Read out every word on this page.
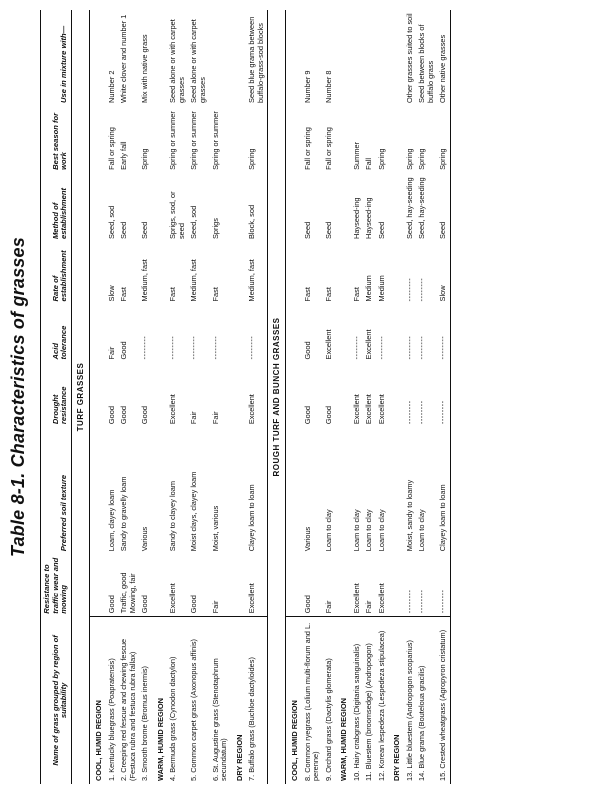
Table 8-1. Characteristics of grasses
Name of grass grouped by region of suitability	Resistance to traffic wear and mowing	Preferred soil texture	Drought resistance	Acid tolerance	Rate of establishment	Method of establishment	Best season for work	Use in mixture with—
TURF GRASSES								
COOL, HUMID REGION								
1. Kentucky bluegrass (Poapratensis)	Good	Loam, clayey loam	Good	Fair	Slow	Seed, sod	Fall or spring	Number 2
2. Creeping red fescue and chewing fescue (Festuca rubra and festuca rubra fallax)	Traffic, good Mowing, fair	Sandy to gravelly loam	Good	Good	Fast	Seed	Early fall	White clover and number 1
3. Smooth brome (Bromus inermis)	Good	Various	Good	--------	Medium, fast	Seed	Spring	Mix with native grass
WARM, HUMID REGION								
4. Bermuda grass (Cynodon dactylon)	Excellent	Sandy to clayey loam	Excellent	--------	Fast	Sprigs, sod, or seed	Spring or summer	Seed alone or with carpet grasses
5. Common carpet grass (Axonopus affinis)	Good	Moist clays, clayey loam	Fair	--------	Medium, fast	Seed, sod	Spring or summer	Seed alone or with carpet grasses
6. St. Augustine grass (Stenotaphrum secundatum)	Fair	Moist, various	Fair	--------	Fast	Sprigs	Spring or summer	
DRY REGION								
7. Buffalo grass (Buchloe dactyloides)	Excellent	Clayey loam to loam	Excellent	--------	Medium, fast	Block, sod	Spring	Seed blue grama between buffalo-grass-sod blocks
ROUGH TURF AND BUNCH GRASSES								
COOL, HUMID REGION								
8. Common ryegrass (Lolium multi-florum and L. perenne)	Good	Various	Good	Good	Fast	Seed	Fall or spring	Number 9
9. Orchard grass (Dactylis glomerata)	Fair	Loam to clay	Good	Excellent	Fast	Seed	Fall or spring	Number 8
WARM, HUMID REGION								
10. Hairy crabgrass (Digitaria sanguinalis)	Excellent	Loam to clay	Excellent	--------	Fast	Hayseed-ing	Summer	
11. Bluestem (broomsedge) (Andropogon)	Fair	Loam to clay	Excellent	Excellent	Medium	Hayseed-ing	Fall	
12. Korean lespedeza (Lespedeza stipulacea)	Excellent	Loam to clay	Excellent	--------	Medium	Seed	Spring	
DRY REGION								
13. Little bluestem (Andropogon scoparius)	--------	Moist, sandy to loamy	--------	--------	--------	Seed, hay-seeding	Spring	Other grasses suited to soil
14. Blue grama (Bouteloua gracilis)	--------	Loam to clay	--------	--------	--------	Seed, hay-seeding	Spring	Seed between blocks of buffalo grass
15. Crested wheatgrass (Agropyron cristatum)	--------	Clayey loam to loam	--------	--------	Slow	Seed	Spring	Other native grasses
